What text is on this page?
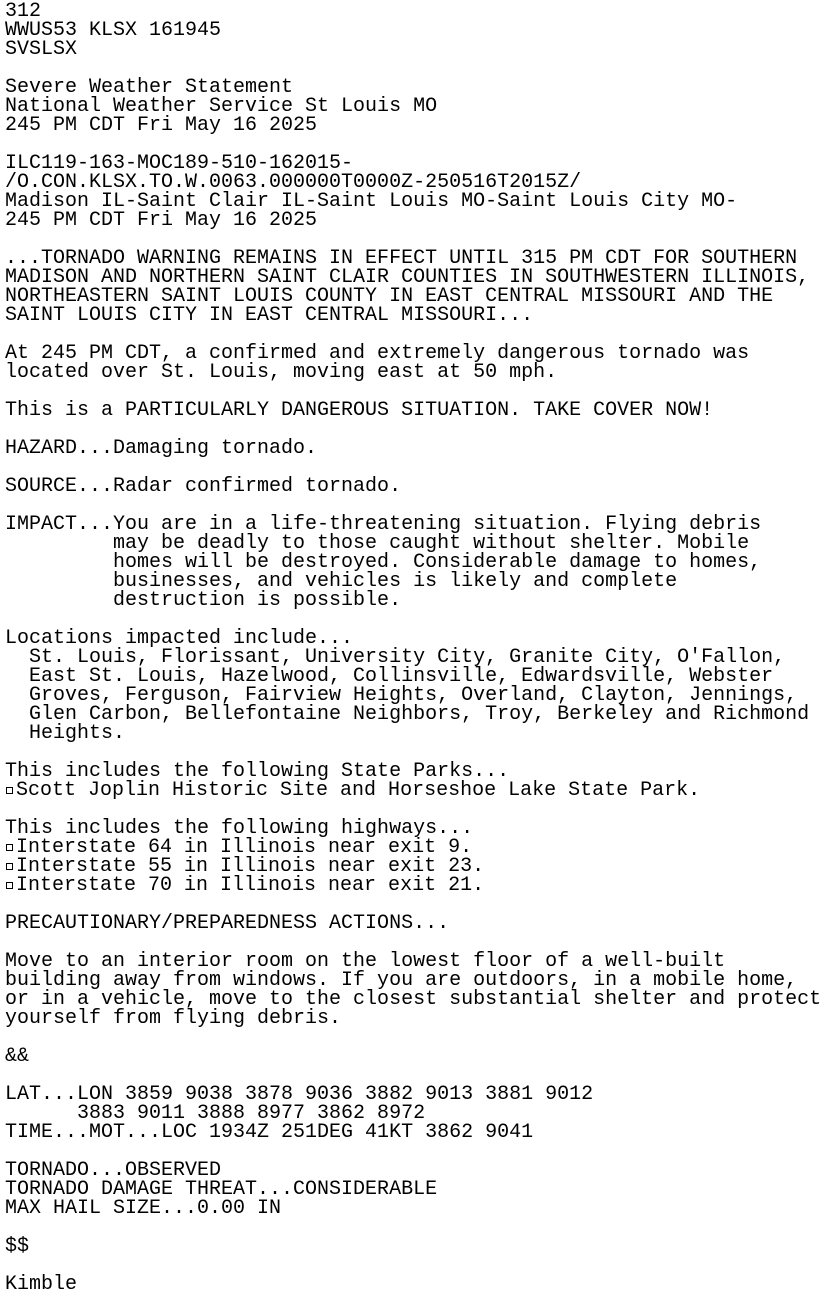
312
WWUS53 KLSX 161945
SVSLSX
Severe Weather Statement
National Weather Service St Louis MO
245 PM CDT Fri May 16 2025
ILC119-163-MOC189-510-162015-
/O.CON.KLSX.TO.W.0063.000000T0000Z-250516T2015Z/
Madison IL-Saint Clair IL-Saint Louis MO-Saint Louis City MO-
245 PM CDT Fri May 16 2025
...TORNADO WARNING REMAINS IN EFFECT UNTIL 315 PM CDT FOR SOUTHERN
MADISON AND NORTHERN SAINT CLAIR COUNTIES IN SOUTHWESTERN ILLINOIS,
NORTHEASTERN SAINT LOUIS COUNTY IN EAST CENTRAL MISSOURI AND THE
SAINT LOUIS CITY IN EAST CENTRAL MISSOURI...
At 245 PM CDT, a confirmed and extremely dangerous tornado was
located over St. Louis, moving east at 50 mph.
This is a PARTICULARLY DANGEROUS SITUATION. TAKE COVER NOW!
HAZARD...Damaging tornado.
SOURCE...Radar confirmed tornado.
IMPACT...You are in a life-threatening situation. Flying debris
may be deadly to those caught without shelter. Mobile
homes will be destroyed. Considerable damage to homes,
businesses, and vehicles is likely and complete
destruction is possible.
Locations impacted include...
St. Louis, Florissant, University City, Granite City, O'Fallon,
East St. Louis, Hazelwood, Collinsville, Edwardsville, Webster
Groves, Ferguson, Fairview Heights, Overland, Clayton, Jennings,
Glen Carbon, Bellefontaine Neighbors, Troy, Berkeley and Richmond
Heights.
This includes the following State Parks...
Scott Joplin Historic Site and Horseshoe Lake State Park.
This includes the following highways...
Interstate 64 in Illinois near exit 9.
Interstate 55 in Illinois near exit 23.
Interstate 70 in Illinois near exit 21.
PRECAUTIONARY/PREPAREDNESS ACTIONS...
Move to an interior room on the lowest floor of a well-built
building away from windows. If you are outdoors, in a mobile home,
or in a vehicle, move to the closest substantial shelter and protect
yourself from flying debris.
&&
LAT...LON 3859 9038 3878 9036 3882 9013 3881 9012
3883 9011 3888 8977 3862 8972
TIME...MOT...LOC 1934Z 251DEG 41KT 3862 9041
TORNADO...OBSERVED
TORNADO DAMAGE THREAT...CONSIDERABLE
MAX HAIL SIZE...0.00 IN
$$
Kimble
